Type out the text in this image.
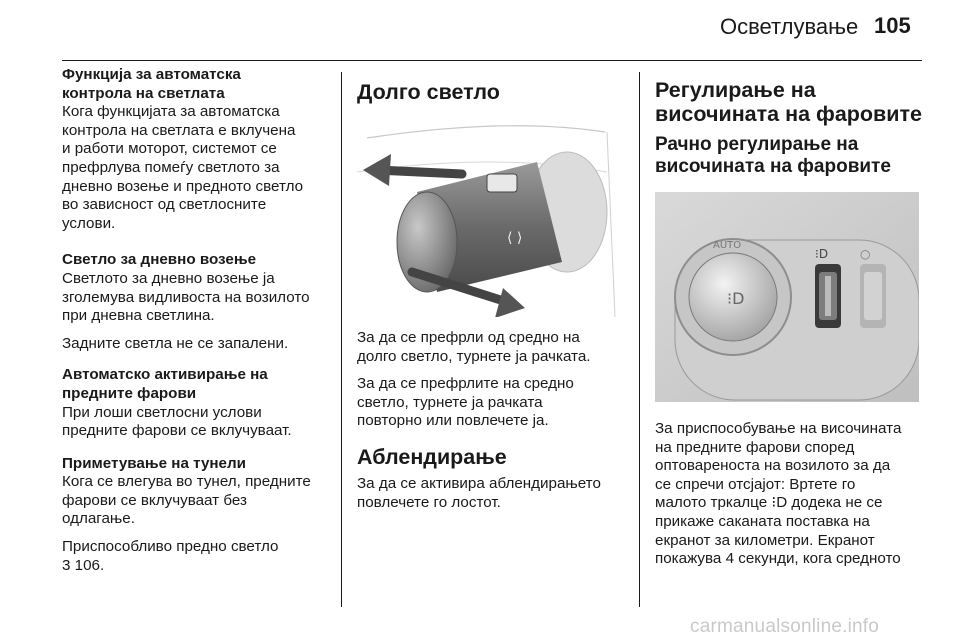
Осветлување 105
Функција за автоматска
контрола на светлата

Кога функцијата за автоматска
контрола на светлата е вклучена
и работи моторот, системот се
префрлува помеѓу светлото за
дневно возење и предното светло
во зависност од светлосните
услови.

Светло за дневно возење

Светлото за дневно возење ја
зголемува видливоста на возилото
при дневна светлина.

Задните светла не се запалени.

Автоматско активирање на
предните фарови

При лоши светлосни услови
предните фарови се вклучуваат.

Приметување на тунели

Кога се влегува во тунел, предните
фарови се вклучуваат без
одлагање.

Приспособливо предно светло
3 106.

Долго светло
⟨ ⟩

За да се префрли од средно на
долго светло, турнете ја рачката.

За да се префрлите на средно
светло, турнете ја рачката
повторно или повлечете ја.

Аблендирање

За да се активира аблендирањето
повлечете го лостот.

Регулирање на
височината на фаровите
Рачно регулирање на
височината на фаровите
⁝D
AUTO
⁝D	○

За приспособување на височината
на предните фарови според
оптовареноста на возилото за да
се спречи отсјајот: Вртете го
малото тркалце ⁝D додека не се
прикаже саканата поставка на
екранот за километри. Екранот
покажува 4 секунди, кога средното

carmanualsonline.info
